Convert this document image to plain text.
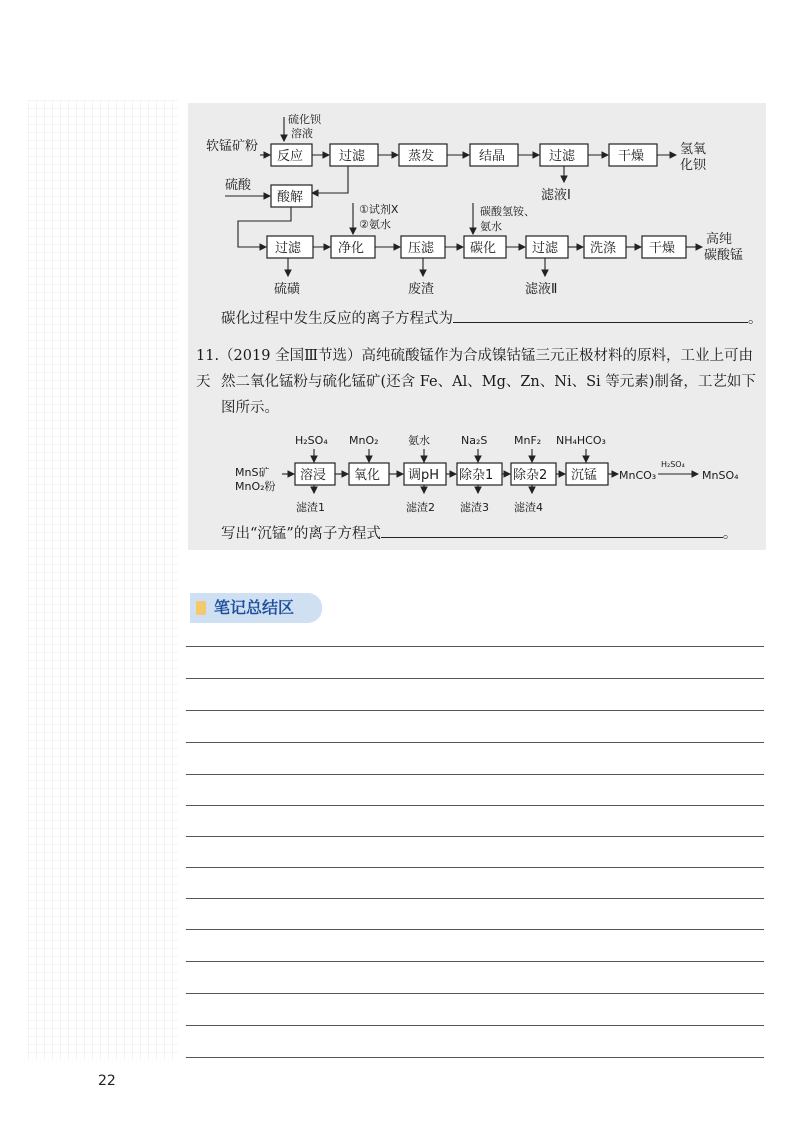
软锰矿粉
硫化钡
溶液
反应	过滤	蒸发	结晶	过滤	干燥	氢氧
化钡
滤液Ⅰ
硫酸
酸解
过滤	净化
①试剂X
②氨水
压滤	碳化
碳酸氢铵、
氨水
过滤 洗涤	干燥
高纯
碳酸锰
硫磺	废渣	滤液Ⅱ
MnS矿
MnO₂粉
H₂SO₄
溶浸
滤渣1
MnO₂
氧化
氨水
调pH
滤渣2
Na₂S
除杂1
滤渣3
MnF₂
除杂2
滤渣4
NH₄HCO₃
沉锰 MnCO₃
H₂SO₄
MnSO₄
碳化过程中发生反应的离子方程式为	。
11.（2019 全国Ⅲ节选）高纯硫酸锰作为合成镍钴锰三元正极材料的原料，工业上可由天 然二氧化锰粉与硫化锰矿(还含 Fe、Al、Mg、Zn、Ni、Si 等元素)制备，工艺如下
图所示。
写出“沉锰”的离子方程式	。
笔记总结区
22
